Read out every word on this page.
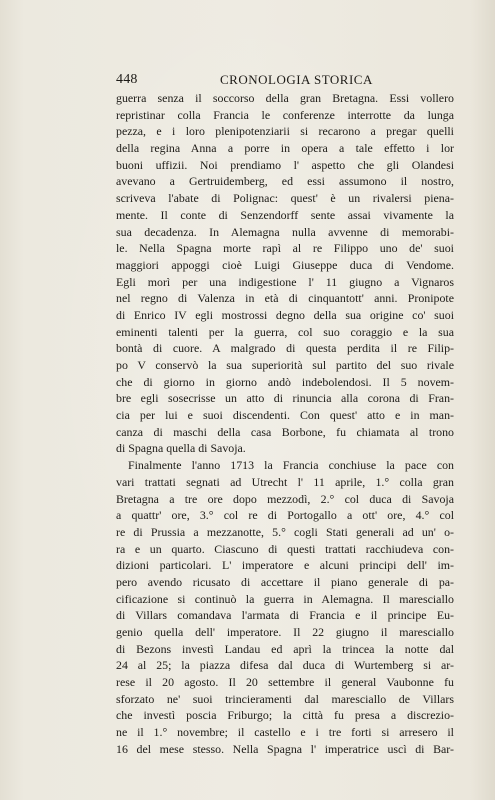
448	CRONOLOGIA STORICA
guerra senza il soccorso della gran Bretagna. Essi vollero
repristinar colla Francia le conferenze interrotte da lunga
pezza, e i loro plenipotenziarii si recarono a pregar quelli
della regina Anna a porre in opera a tale effetto i lor
buoni uffizii. Noi prendiamo l' aspetto che gli Olandesi
avevano a Gertruidemberg, ed essi assumono il nostro,
scriveva l'abate di Polignac: quest' è un rivalersi piena-
mente. Il conte di Senzendorff sente assai vivamente la
sua decadenza. In Alemagna nulla avvenne di memorabi-
le. Nella Spagna morte rapì al re Filippo uno de' suoi
maggiori appoggi cioè Luigi Giuseppe duca di Vendome.
Egli morì per una indigestione l' 11 giugno a Vignaros
nel regno di Valenza in età di cinquantott' anni. Pronipote
di Enrico IV egli mostrossi degno della sua origine co' suoi
eminenti talenti per la guerra, col suo coraggio e la sua
bontà di cuore. A malgrado di questa perdita il re Filip-
po V conservò la sua superiorità sul partito del suo rivale
che di giorno in giorno andò indebolendosi. Il 5 novem-
bre egli sosecrisse un atto di rinuncia alla corona di Fran-
cia per lui e suoi discendenti. Con quest' atto e in man-
canza di maschi della casa Borbone, fu chiamata al trono
di Spagna quella di Savoja.
Finalmente l'anno 1713 la Francia conchiuse la pace con
vari trattati segnati ad Utrecht l' 11 aprile, 1.° colla gran
Bretagna a tre ore dopo mezzodì, 2.° col duca di Savoja
a quattr' ore, 3.° col re di Portogallo a ott' ore, 4.° col
re di Prussia a mezzanotte, 5.° cogli Stati generali ad un' o-
ra e un quarto. Ciascuno di questi trattati racchiudeva con-
dizioni particolari. L' imperatore e alcuni principi dell' im-
pero avendo ricusato di accettare il piano generale di pa-
cificazione si continuò la guerra in Alemagna. Il maresciallo
di Villars comandava l'armata di Francia e il principe Eu-
genio quella dell' imperatore. Il 22 giugno il maresciallo
di Bezons investì Landau ed aprì la trincea la notte dal
24 al 25; la piazza difesa dal duca di Wurtemberg si ar-
rese il 20 agosto. Il 20 settembre il general Vaubonne fu
sforzato ne' suoi trincieramenti dal maresciallo de Villars
che investì poscia Friburgo; la città fu presa a discrezio-
ne il 1.° novembre; il castello e i tre forti si arresero il
16 del mese stesso. Nella Spagna l' imperatrice uscì di Bar-
